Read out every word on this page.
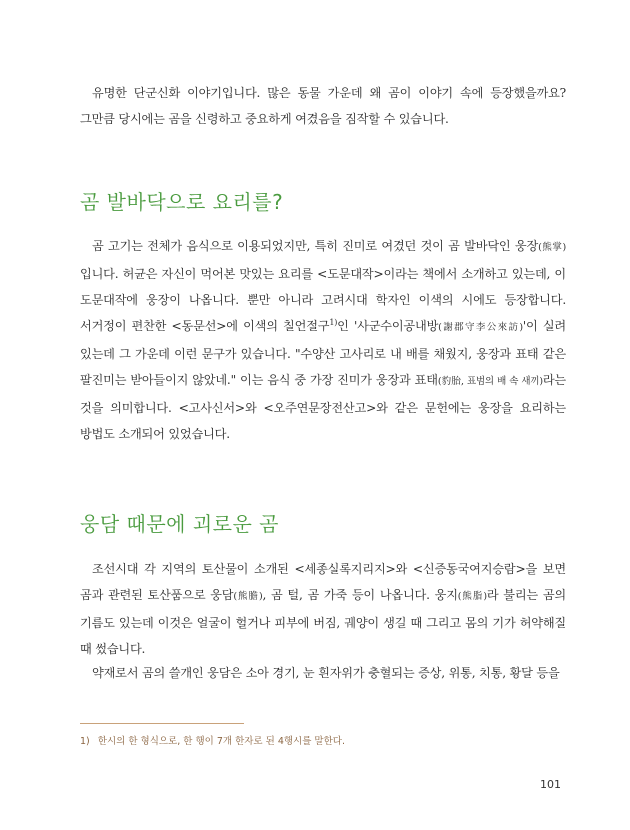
유명한 단군신화 이야기입니다. 많은 동물 가운데 왜 곰이 이야기 속에 등장했을까요? 그만큼 당시에는 곰을 신령하고 중요하게 여겼음을 짐작할 수 있습니다.

곰 발바닥으로 요리를?

곰 고기는 전체가 음식으로 이용되었지만, 특히 진미로 여겼던 것이 곰 발바닥인 웅장(熊掌) 입니다. 허균은 자신이 먹어본 맛있는 요리를 <도문대작>이라는 책에서 소개하고 있는데, 이 도문대작에 웅장이 나옵니다. 뿐만 아니라 고려시대 학자인 이색의 시에도 등장합니다. 서거정이 편찬한 <동문선>에 이색의 칠언절구$^{1)}$인 '사군수이공내방(謝郡守李公來訪)'이 실려 있는데 그 가운데 이런 문구가 있습니다. "수양산 고사리로 내 배를 채웠지, 웅장과 표태 같은 팔진미는 받아들이지 않았네." 이는 음식 중 가장 진미가 웅장과 표태(豹胎, 표범의 배 속 새끼)라는 것을 의미합니다. <고사신서>와 <오주연문장전산고>와 같은 문헌에는 웅장을 요리하는 방법도 소개되어 있었습니다.

웅담 때문에 괴로운 곰

조선시대 각 지역의 토산물이 소개된 <세종실록지리지>와 <신증동국여지승람>을 보면 곰과 관련된 토산품으로 웅담(熊膽), 곰 털, 곰 가죽 등이 나옵니다. 웅지(熊脂)라 불리는 곰의 기름도 있는데 이것은 얼굴이 헐거나 피부에 버짐, 궤양이 생길 때 그리고 몸의 기가 허약해질 때 썼습니다.

약재로서 곰의 쓸개인 웅담은 소아 경기, 눈 흰자위가 충혈되는 증상, 위통, 치통, 황달 등을

1) 한시의 한 형식으로, 한 행이 7개 한자로 된 4행시를 말한다.

101
